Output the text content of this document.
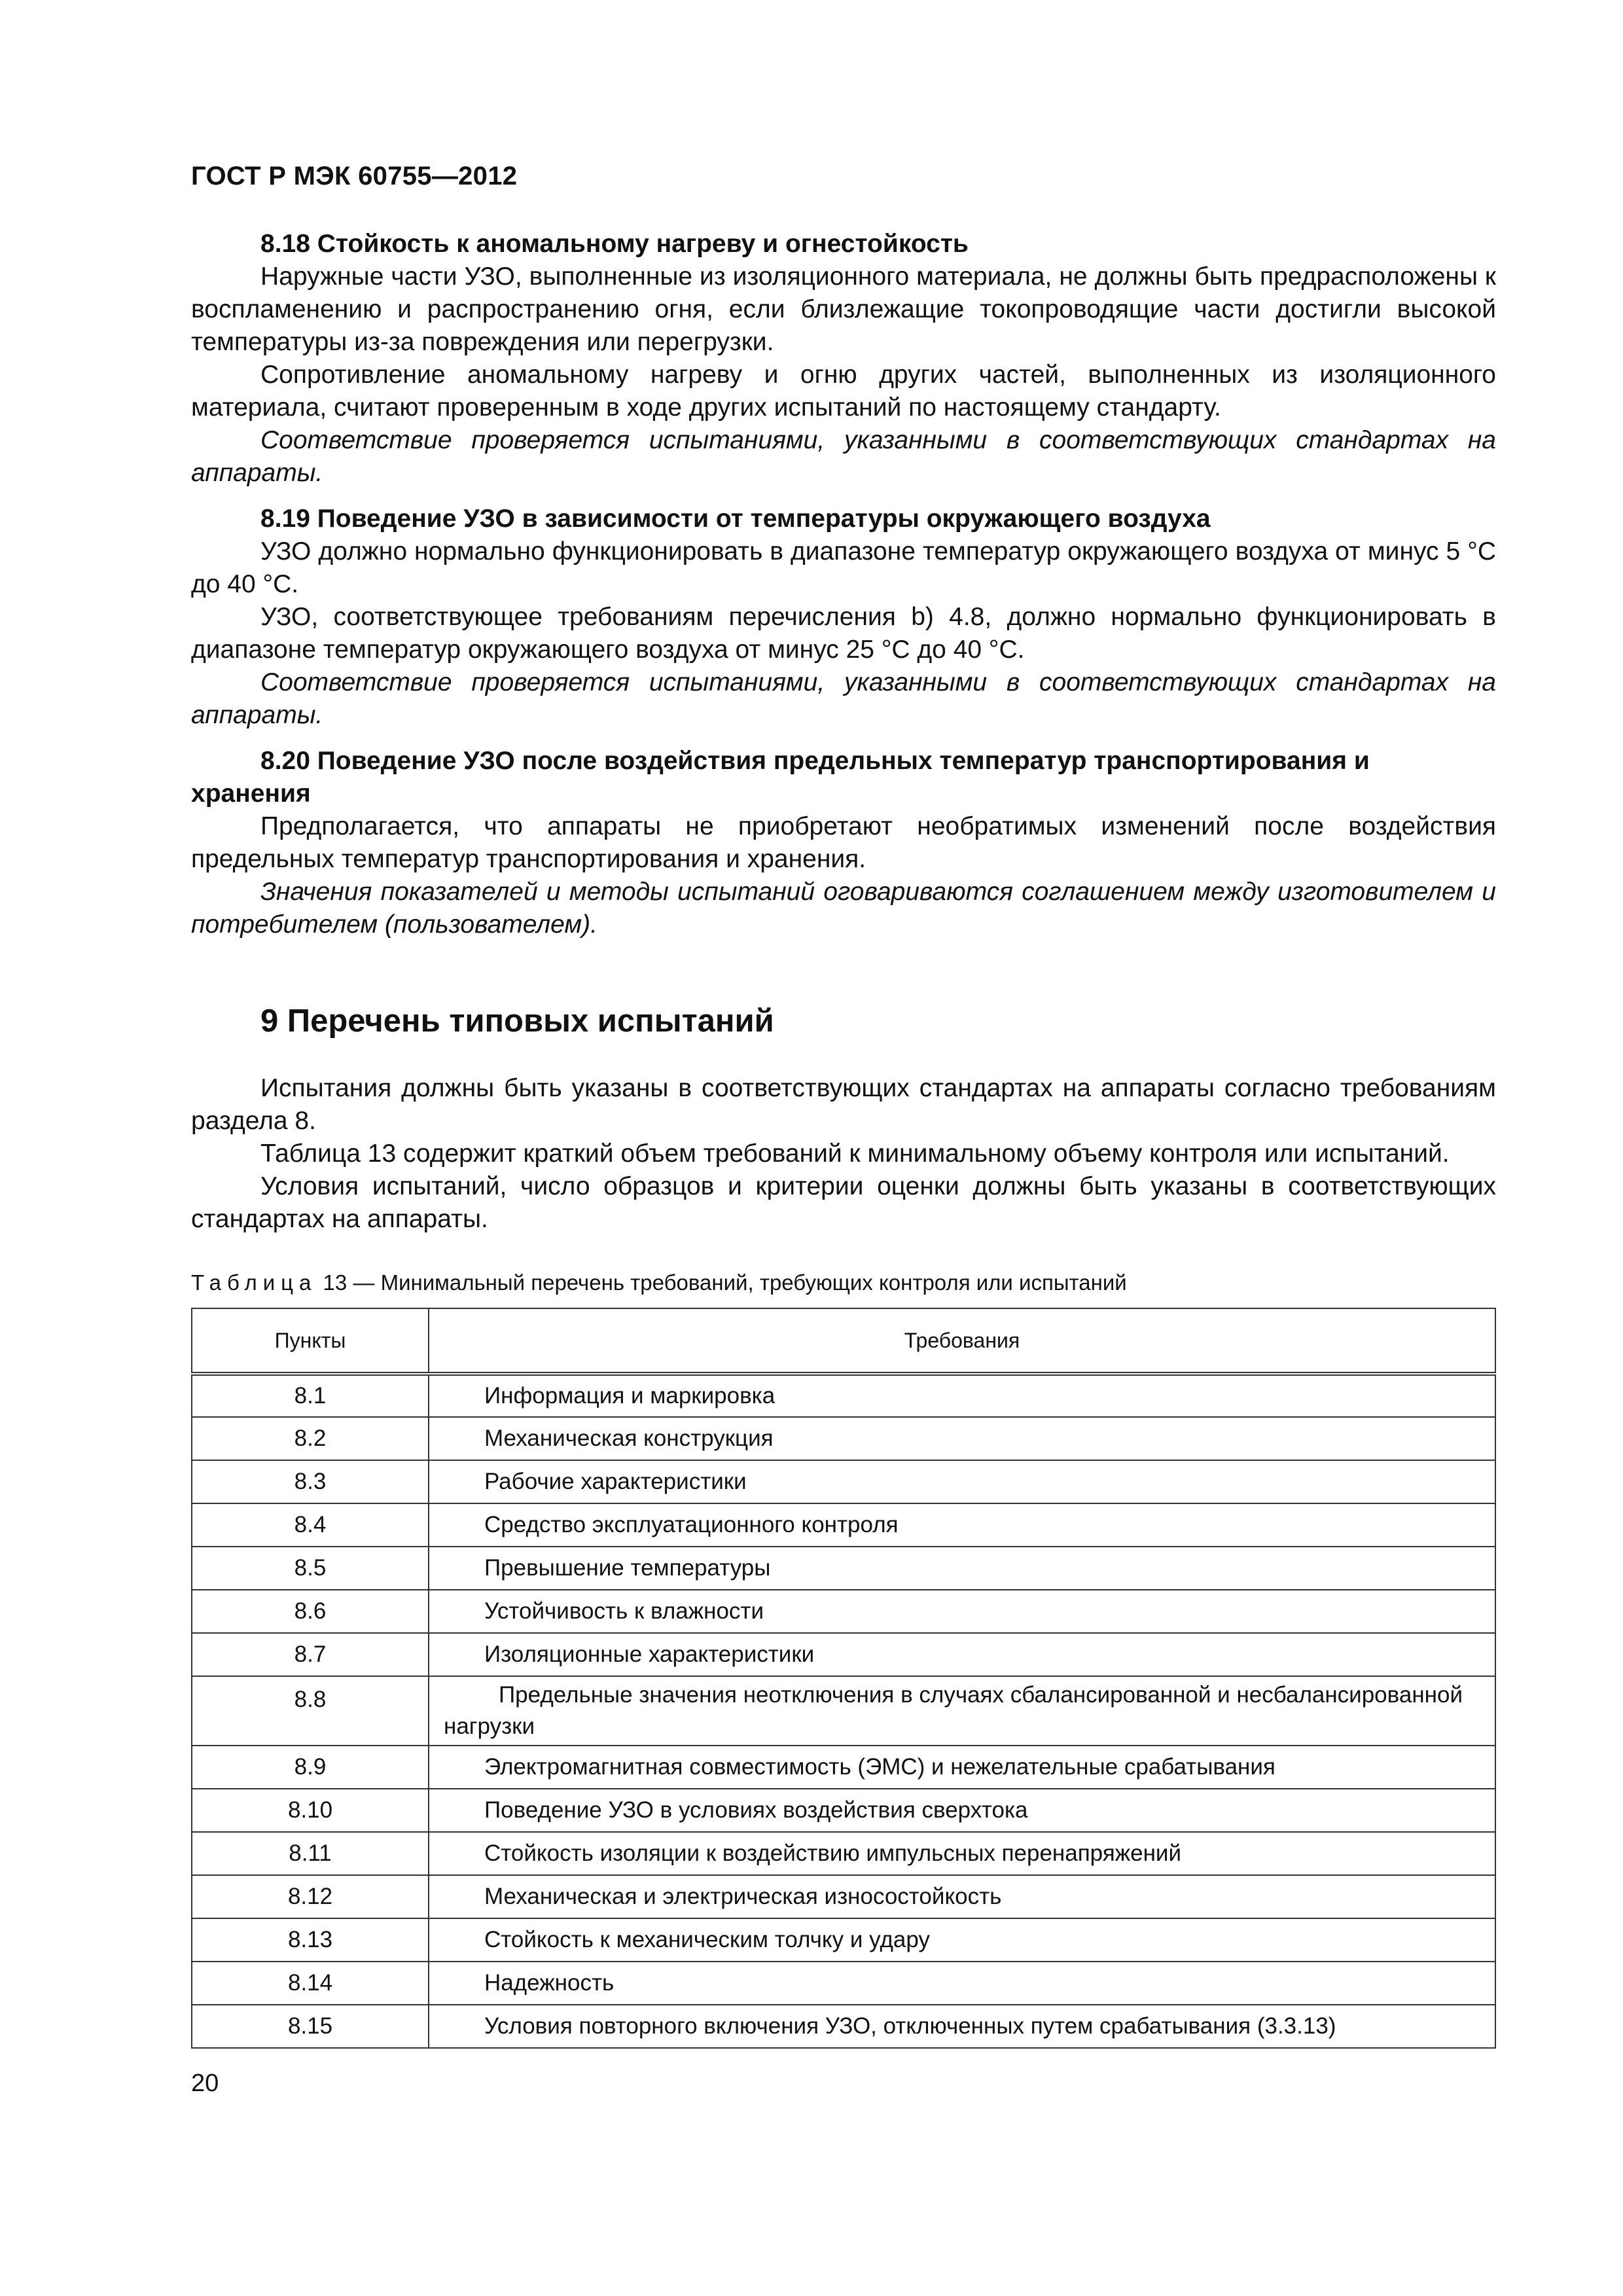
ГОСТ Р МЭК 60755—2012
8.18 Стойкость к аномальному нагреву и огнестойкость

Наружные части УЗО, выполненные из изоляционного материала, не должны быть предрасположены к воспламенению и распространению огня, если близлежащие токопроводящие части достигли высокой температуры из-за повреждения или перегрузки.

Сопротивление аномальному нагреву и огню других частей, выполненных из изоляционного материала, считают проверенным в ходе других испытаний по настоящему стандарту.

Соответствие проверяется испытаниями, указанными в соответствующих стандартах на аппараты.

8.19 Поведение УЗО в зависимости от температуры окружающего воздуха

УЗО должно нормально функционировать в диапазоне температур окружающего воздуха от минус 5 °С до 40 °С.

УЗО, соответствующее требованиям перечисления b) 4.8, должно нормально функционировать в диапазоне температур окружающего воздуха от минус 25 °С до 40 °С.

Соответствие проверяется испытаниями, указанными в соответствующих стандартах на аппараты.

8.20 Поведение УЗО после воздействия предельных температур транспортирования и хранения

Предполагается, что аппараты не приобретают необратимых изменений после воздействия предельных температур транспортирования и хранения.

Значения показателей и методы испытаний оговариваются соглашением между изготовителем и потребителем (пользователем).

9 Перечень типовых испытаний

Испытания должны быть указаны в соответствующих стандартах на аппараты согласно требованиям раздела 8.

Таблица 13 содержит краткий объем требований к минимальному объему контроля или испытаний.

Условия испытаний, число образцов и критерии оценки должны быть указаны в соответствующих стандартах на аппараты.

Таблица 13 — Минимальный перечень требований, требующих контроля или испытаний
Пункты	Требования
8.1	Информация и маркировка
8.2	Механическая конструкция
8.3	Рабочие характеристики
8.4	Средство эксплуатационного контроля
8.5	Превышение температуры
8.6	Устойчивость к влажности
8.7	Изоляционные характеристики
8.8	Предельные значения неотключения в случаях сбалансированной и несбалансированной нагрузки
8.9	Электромагнитная совместимость (ЭМС) и нежелательные срабатывания
8.10	Поведение УЗО в условиях воздействия сверхтока
8.11	Стойкость изоляции к воздействию импульсных перенапряжений
8.12	Механическая и электрическая износостойкость
8.13	Стойкость к механическим толчку и удару
8.14	Надежность
8.15	Условия повторного включения УЗО, отключенных путем срабатывания (3.3.13)
20
